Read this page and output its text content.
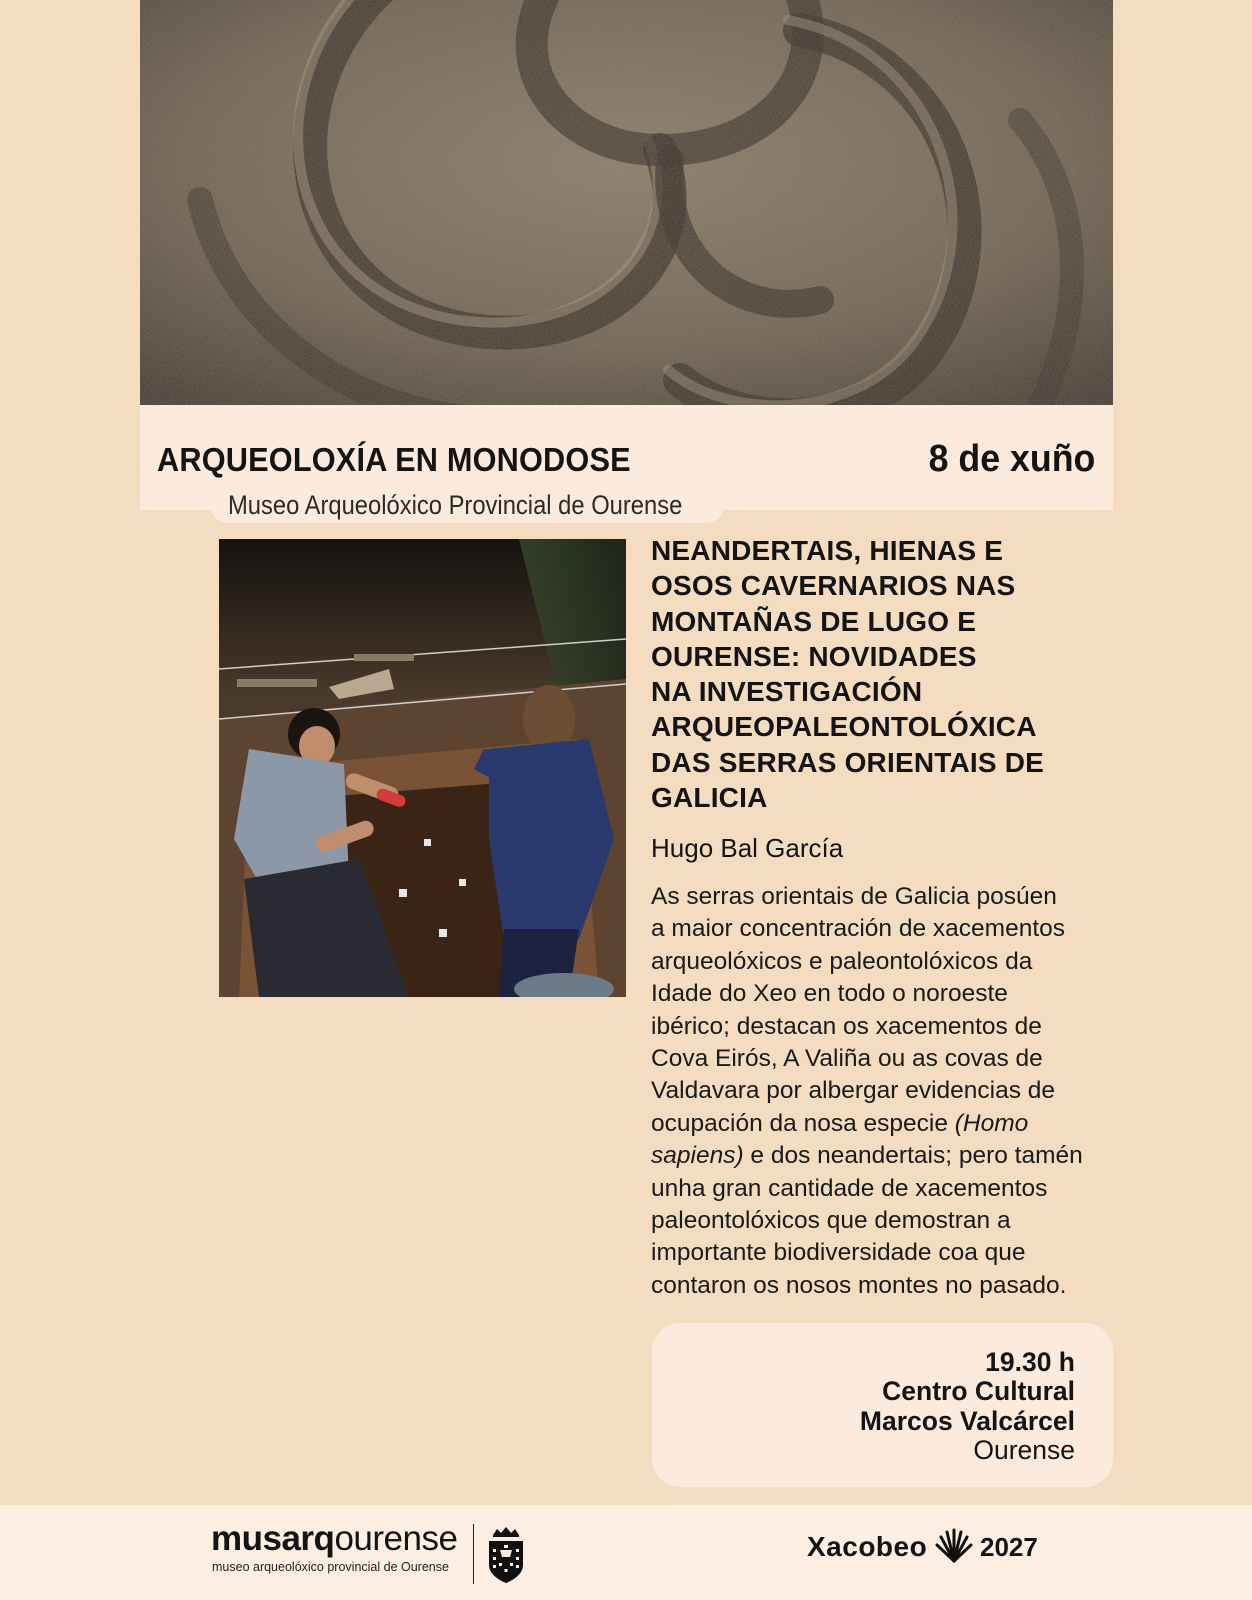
ARQUEOLOXÍA EN MONODOSE	8 de xuño
Museo Arqueolóxico Provincial de Ourense
NEANDERTAIS, HIENAS E
OSOS CAVERNARIOS NAS
MONTAÑAS DE LUGO E
OURENSE: NOVIDADES
NA INVESTIGACIÓN
ARQUEOPALEONTOLÓXICA
DAS SERRAS ORIENTAIS DE
GALICIA
Hugo Bal García
As serras orientais de Galicia posúen
a maior concentración de xacementos
arqueolóxicos e paleontolóxicos da
Idade do Xeo en todo o noroeste
ibérico; destacan os xacementos de
Cova Eirós, A Valiña ou as covas de
Valdavara por albergar evidencias de
ocupación da nosa especie (Homo
sapiens) e dos neandertais; pero tamén
unha gran cantidade de xacementos
paleontolóxicos que demostran a
importante biodiversidade coa que
contaron os nosos montes no pasado.
19.30 h
Centro Cultural
Marcos Valcárcel
Ourense
musarqourense
museo arqueolóxico provincial de Ourense
Xacobeo 2027
